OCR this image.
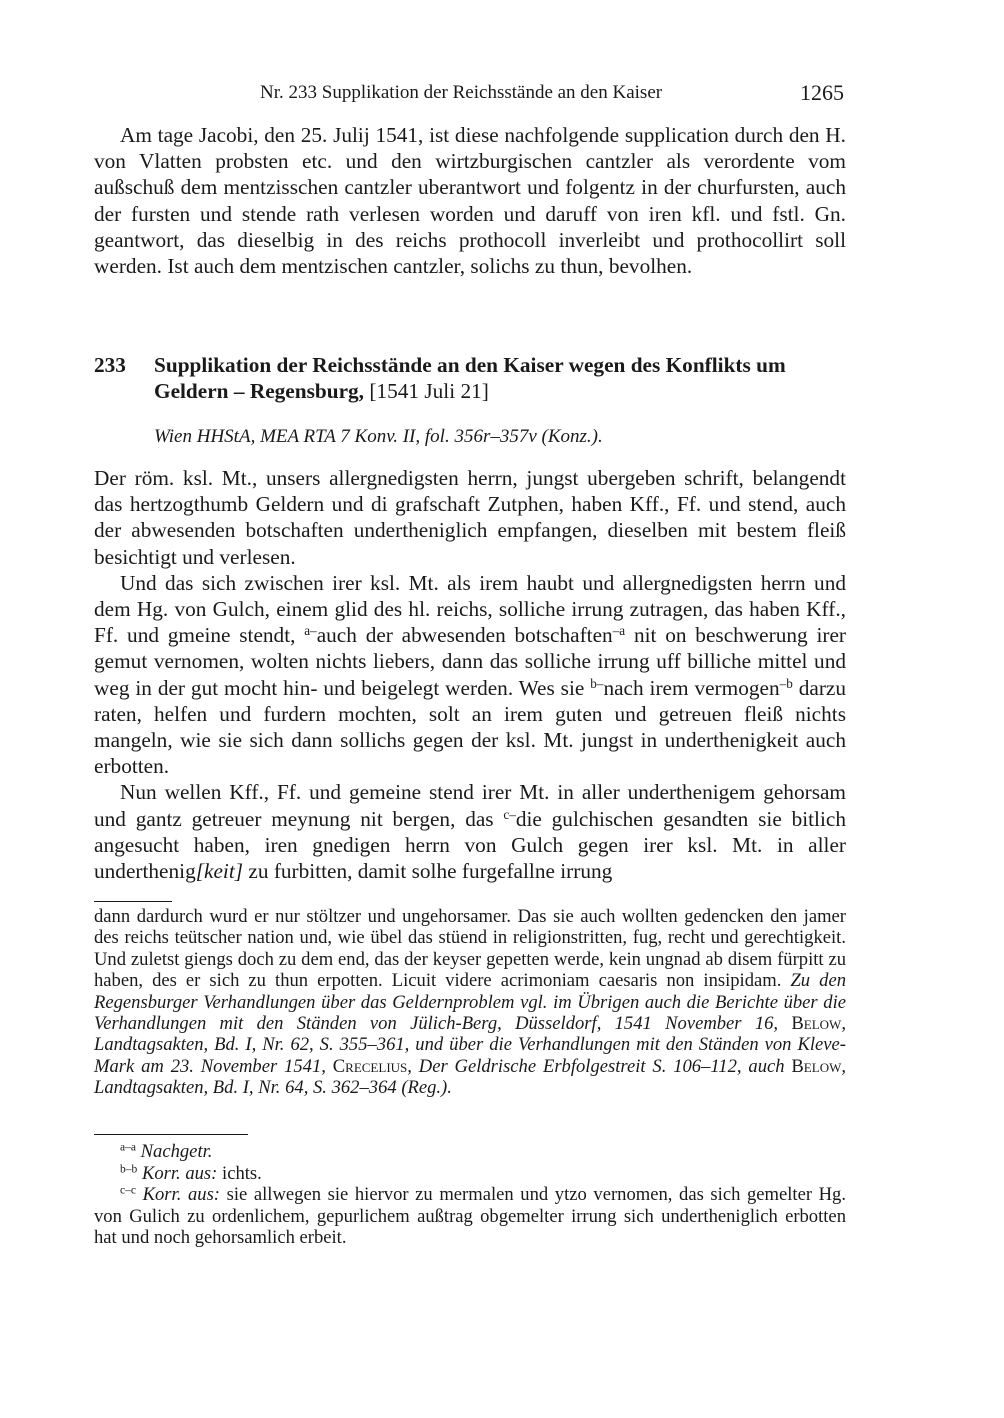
Nr. 233 Supplikation der Reichsstände an den Kaiser	1265

Am tage Jacobi, den 25. Julij 1541, ist diese nachfolgende supplication durch den H. von Vlatten probsten etc. und den wirtzburgischen cantzler als verordente vom außschuß dem mentzisschen cantzler uberantwort und folgentz in der churfursten, auch der fursten und stende rath verlesen worden und daruff von iren kfl. und fstl. Gn. geantwort, das dieselbig in des reichs prothocoll inverleibt und prothocollirt soll werden. Ist auch dem mentzischen cantzler, solichs zu thun, bevolhen.

233 Supplikation der Reichsstände an den Kaiser wegen des Konflikts um Geldern – Regensburg, [1541 Juli 21]
Wien HHStA, MEA RTA 7 Konv. II, fol. 356r–357v (Konz.).

Der röm. ksl. Mt., unsers allergnedigsten herrn, jungst ubergeben schrift, belangendt das hertzogthumb Geldern und di grafschaft Zutphen, haben Kff., Ff. und stend, auch der abwesenden botschaften undertheniglich empfangen, dieselben mit bestem fleiß besichtigt und verlesen.

Und das sich zwischen irer ksl. Mt. als irem haubt und allergnedigsten herrn und dem Hg. von Gulch, einem glid des hl. reichs, solliche irrung zutragen, das haben Kff., Ff. und gmeine stendt, $^{a-}$auch der abwesenden botschaften$^{-a}$ nit on beschwerung irer gemut vernomen, wolten nichts liebers, dann das solliche irrung uff billiche mittel und weg in der gut mocht hin- und beigelegt werden. Wes sie $^{b-}$nach irem vermogen$^{-b}$ darzu raten, helfen und furdern mochten, solt an irem guten und getreuen fleiß nichts mangeln, wie sie sich dann sollichs gegen der ksl. Mt. jungst in underthenigkeit auch erbotten.

Nun wellen Kff., Ff. und gemeine stend irer Mt. in aller underthenigem gehorsam und gantz getreuer meynung nit bergen, das $^{c-}$die gulchischen gesandten sie bitlich angesucht haben, iren gnedigen herrn von Gulch gegen irer ksl. Mt. in aller underthenig[keit] zu furbitten, damit solhe furgefallne irrung

dann dardurch wurd er nur stöltzer und ungehorsamer. Das sie auch wollten gedencken den jamer des reichs teütscher nation und, wie übel das stüend in religionstritten, fug, recht und gerechtigkeit. Und zuletst giengs doch zu dem end, das der keyser gepetten werde, kein ungnad ab disem fürpitt zu haben, des er sich zu thun erpotten. Licuit videre acrimoniam caesaris non insipidam. Zu den Regensburger Verhandlungen über das Geldernproblem vgl. im Übrigen auch die Berichte über die Verhandlungen mit den Ständen von Jülich-Berg, Düsseldorf, 1541 November 16, Below, Landtagsakten, Bd. I, Nr. 62, S. 355–361, und über die Verhandlungen mit den Ständen von Kleve-Mark am 23. November 1541, Crecelius, Der Geldrische Erbfolgestreit S. 106–112, auch Below, Landtagsakten, Bd. I, Nr. 64, S. 362–364 (Reg.).

$^{a-a}$ Nachgetr.

$^{b-b}$ Korr. aus: ichts.

$^{c-c}$ Korr. aus: sie allwegen sie hiervor zu mermalen und ytzo vernomen, das sich gemelter Hg. von Gulich zu ordenlichem, gepurlichem außtrag obgemelter irrung sich undertheniglich erbotten hat und noch gehorsamlich erbeit.
